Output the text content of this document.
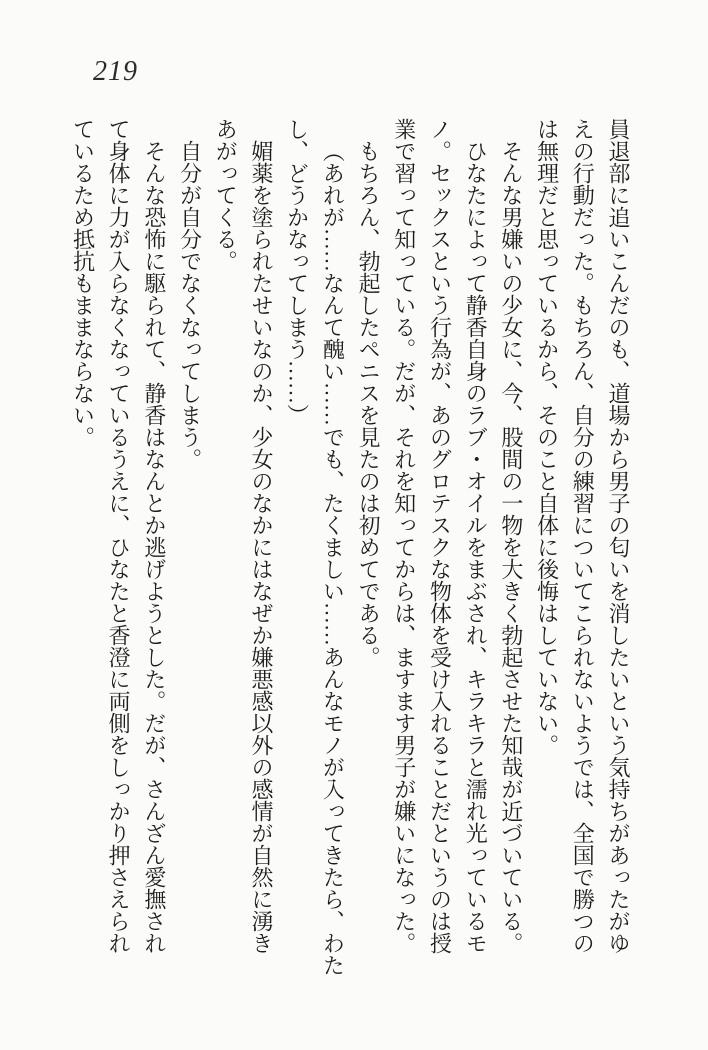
219
員退部に追いこんだのも、道場から男子の匂いを消したいという気持ちがあったがゆ
えの行動だった。もちろん、自分の練習についてこられないようでは、全国で勝つの
は無理だと思っているから、そのこと自体に後悔はしていない。
そんな男嫌いの少女に、今、股間の一物を大きく勃起させた知哉が近づいている。
ひなたによって静香自身のラブ・オイルをまぶされ、キラキラと濡れ光っているモ
ノ。セックスという行為が、あのグロテスクな物体を受け入れることだというのは授
業で習って知っている。だが、それを知ってからは、ますます男子が嫌いになった。
もちろん、勃起したペニスを見たのは初めてである。
（あれが……なんて醜い……でも、たくましい……あんなモノが入ってきたら、わた
し、どうかなってしまう……）
媚薬を塗られたせいなのか、少女のなかにはなぜか嫌悪感以外の感情が自然に湧き
あがってくる。
自分が自分でなくなってしまう。
そんな恐怖に駆られて、静香はなんとか逃げようとした。だが、さんざん愛撫され
て身体に力が入らなくなっているうえに、ひなたと香澄に両側をしっかり押さえられ
ているため抵抗もままならない。
